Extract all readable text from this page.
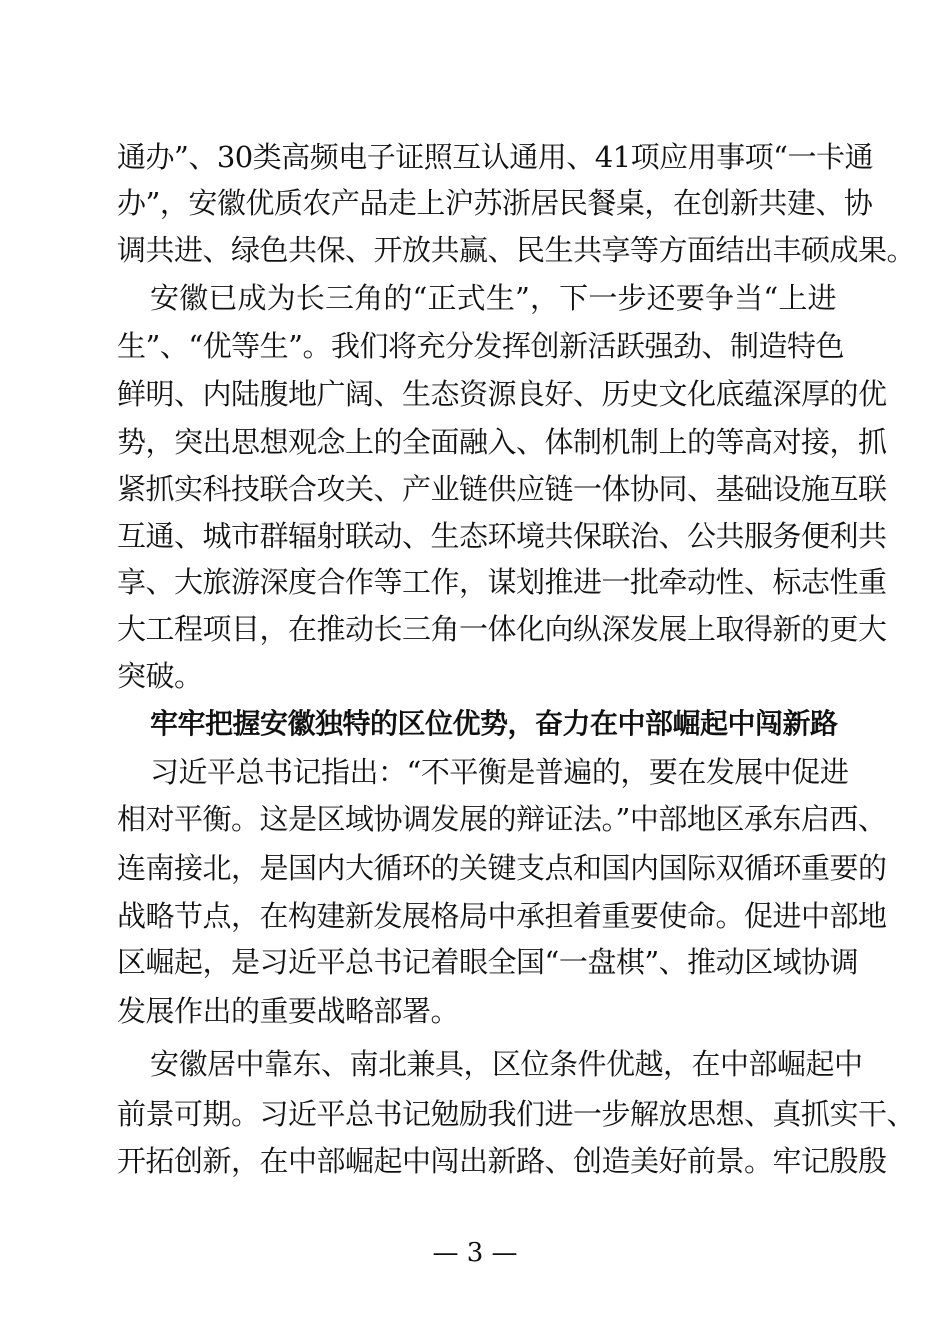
通办”、30类高频电子证照互认通用、41项应用事项“一卡通
办”，安徽优质农产品走上沪苏浙居民餐桌，在创新共建、协
调共进、绿色共保、开放共赢、民生共享等方面结出丰硕成果。
安徽已成为长三角的“正式生”，下一步还要争当“上进
生”、“优等生”。我们将充分发挥创新活跃强劲、制造特色
鲜明、内陆腹地广阔、生态资源良好、历史文化底蕴深厚的优
势，突出思想观念上的全面融入、体制机制上的等高对接，抓
紧抓实科技联合攻关、产业链供应链一体协同、基础设施互联
互通、城市群辐射联动、生态环境共保联治、公共服务便利共
享、大旅游深度合作等工作，谋划推进一批牵动性、标志性重
大工程项目，在推动长三角一体化向纵深发展上取得新的更大
突破。
牢牢把握安徽独特的区位优势，奋力在中部崛起中闯新路
习近平总书记指出：“不平衡是普遍的，要在发展中促进
相对平衡。这是区域协调发展的辩证法。”中部地区承东启西、
连南接北，是国内大循环的关键支点和国内国际双循环重要的
战略节点，在构建新发展格局中承担着重要使命。促进中部地
区崛起，是习近平总书记着眼全国“一盘棋”、推动区域协调
发展作出的重要战略部署。
安徽居中靠东、南北兼具，区位条件优越，在中部崛起中
前景可期。习近平总书记勉励我们进一步解放思想、真抓实干、
开拓创新，在中部崛起中闯出新路、创造美好前景。牢记殷殷
— 3 —
